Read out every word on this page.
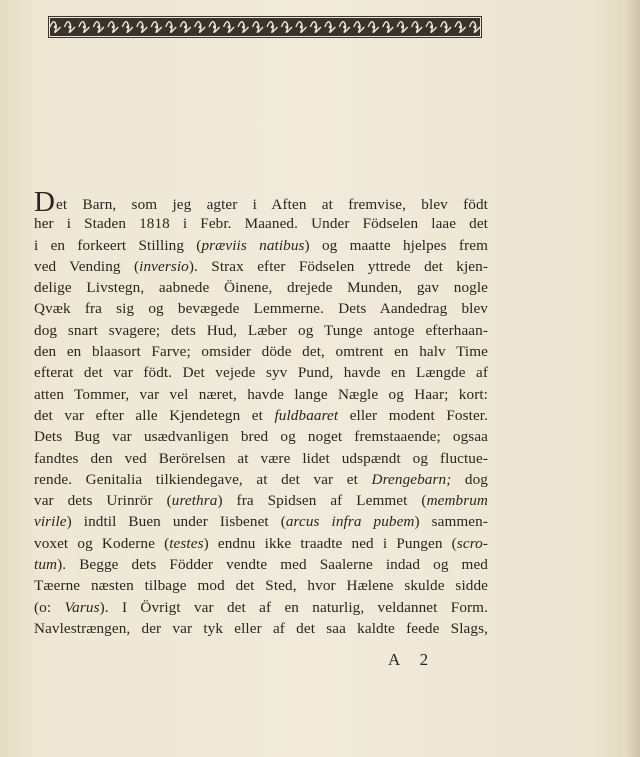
Det Barn, som jeg agter i Aften at fremvise, blev födt
her i Staden 1818 i Febr. Maaned. Under Födselen laae det
i en forkeert Stilling (præviis natibus) og maatte hjelpes frem
ved Vending (inversio). Strax efter Födselen yttrede det kjen-
delige Livstegn, aabnede Öinene, drejede Munden, gav nogle
Qvæk fra sig og bevægede Lemmerne. Dets Aandedrag blev
dog snart svagere; dets Hud, Læber og Tunge antoge efterhaan-
den en blaasort Farve; omsider döde det, omtrent en halv Time
efterat det var födt. Det vejede syv Pund, havde en Længde af
atten Tommer, var vel næret, havde lange Nægle og Haar; kort:
det var efter alle Kjendetegn et fuldbaaret eller modent Foster.
Dets Bug var usædvanligen bred og noget fremstaaende; ogsaa
fandtes den ved Berörelsen at være lidet udspændt og fluctue-
rende. Genitalia tilkiendegave, at det var et Drengebarn; dog
var dets Urinrör (urethra) fra Spidsen af Lemmet (membrum
virile) indtil Buen under Iisbenet (arcus infra pubem) sammen-
voxet og Koderne (testes) endnu ikke traadte ned i Pungen (scro-
tum). Begge dets Födder vendte med Saalerne indad og med
Tæerne næsten tilbage mod det Sted, hvor Hælene skulde sidde
(o: Varus). I Övrigt var det af en naturlig, veldannet Form.
Navlestrængen, der var tyk eller af det saa kaldte feede Slags,
A 2
